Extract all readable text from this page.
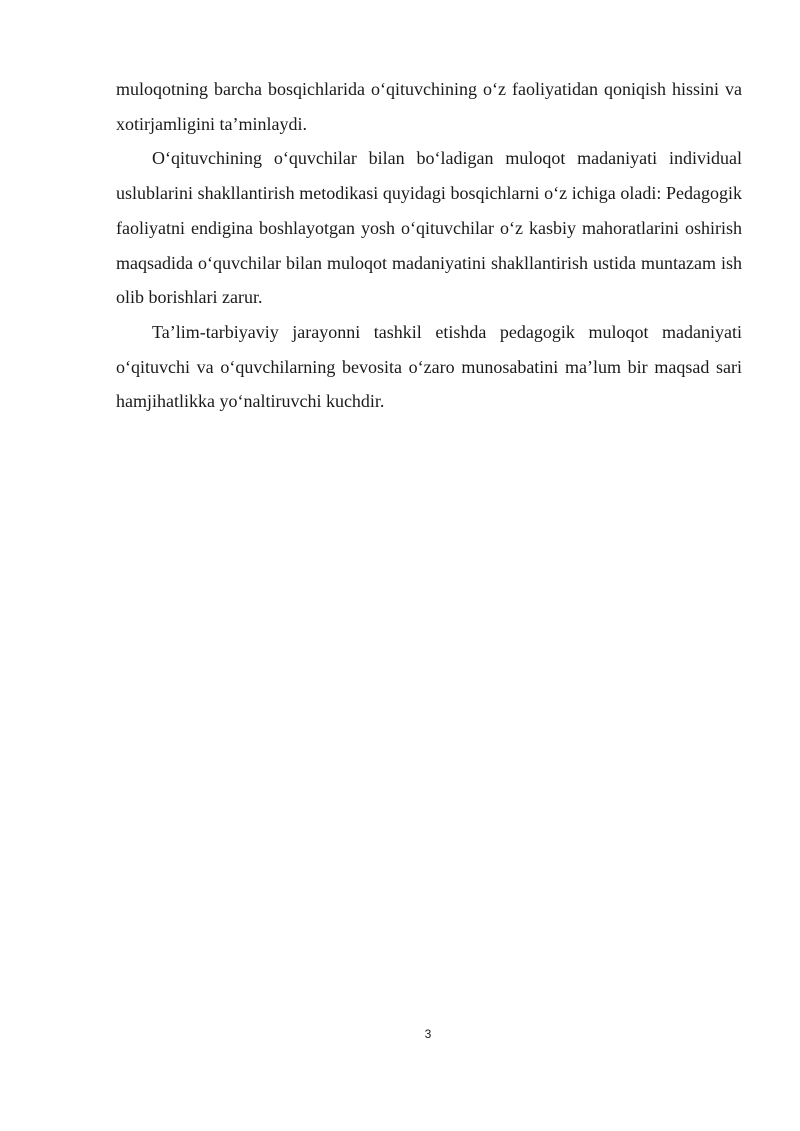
muloqotning barcha bosqichlarida o‘qituvchining o‘z faoliyatidan qoniqish hissini va xotirjamligini ta’minlaydi.

O‘qituvchining o‘quvchilar bilan bo‘ladigan muloqot madaniyati individual uslublarini shakllantirish metodikasi quyidagi bosqichlarni o‘z ichiga oladi: Pedagogik faoliyatni endigina boshlayotgan yosh o‘qituvchilar o‘z kasbiy mahoratlarini oshirish maqsadida o‘quvchilar bilan muloqot madaniyatini shakllantirish ustida muntazam ish olib borishlari zarur.

Ta’lim-tarbiyaviy jarayonni tashkil etishda pedagogik muloqot madaniyati o‘qituvchi va o‘quvchilarning bevosita o‘zaro munosabatini ma’lum bir maqsad sari hamjihatlikka yo‘naltiruvchi kuchdir.

3
